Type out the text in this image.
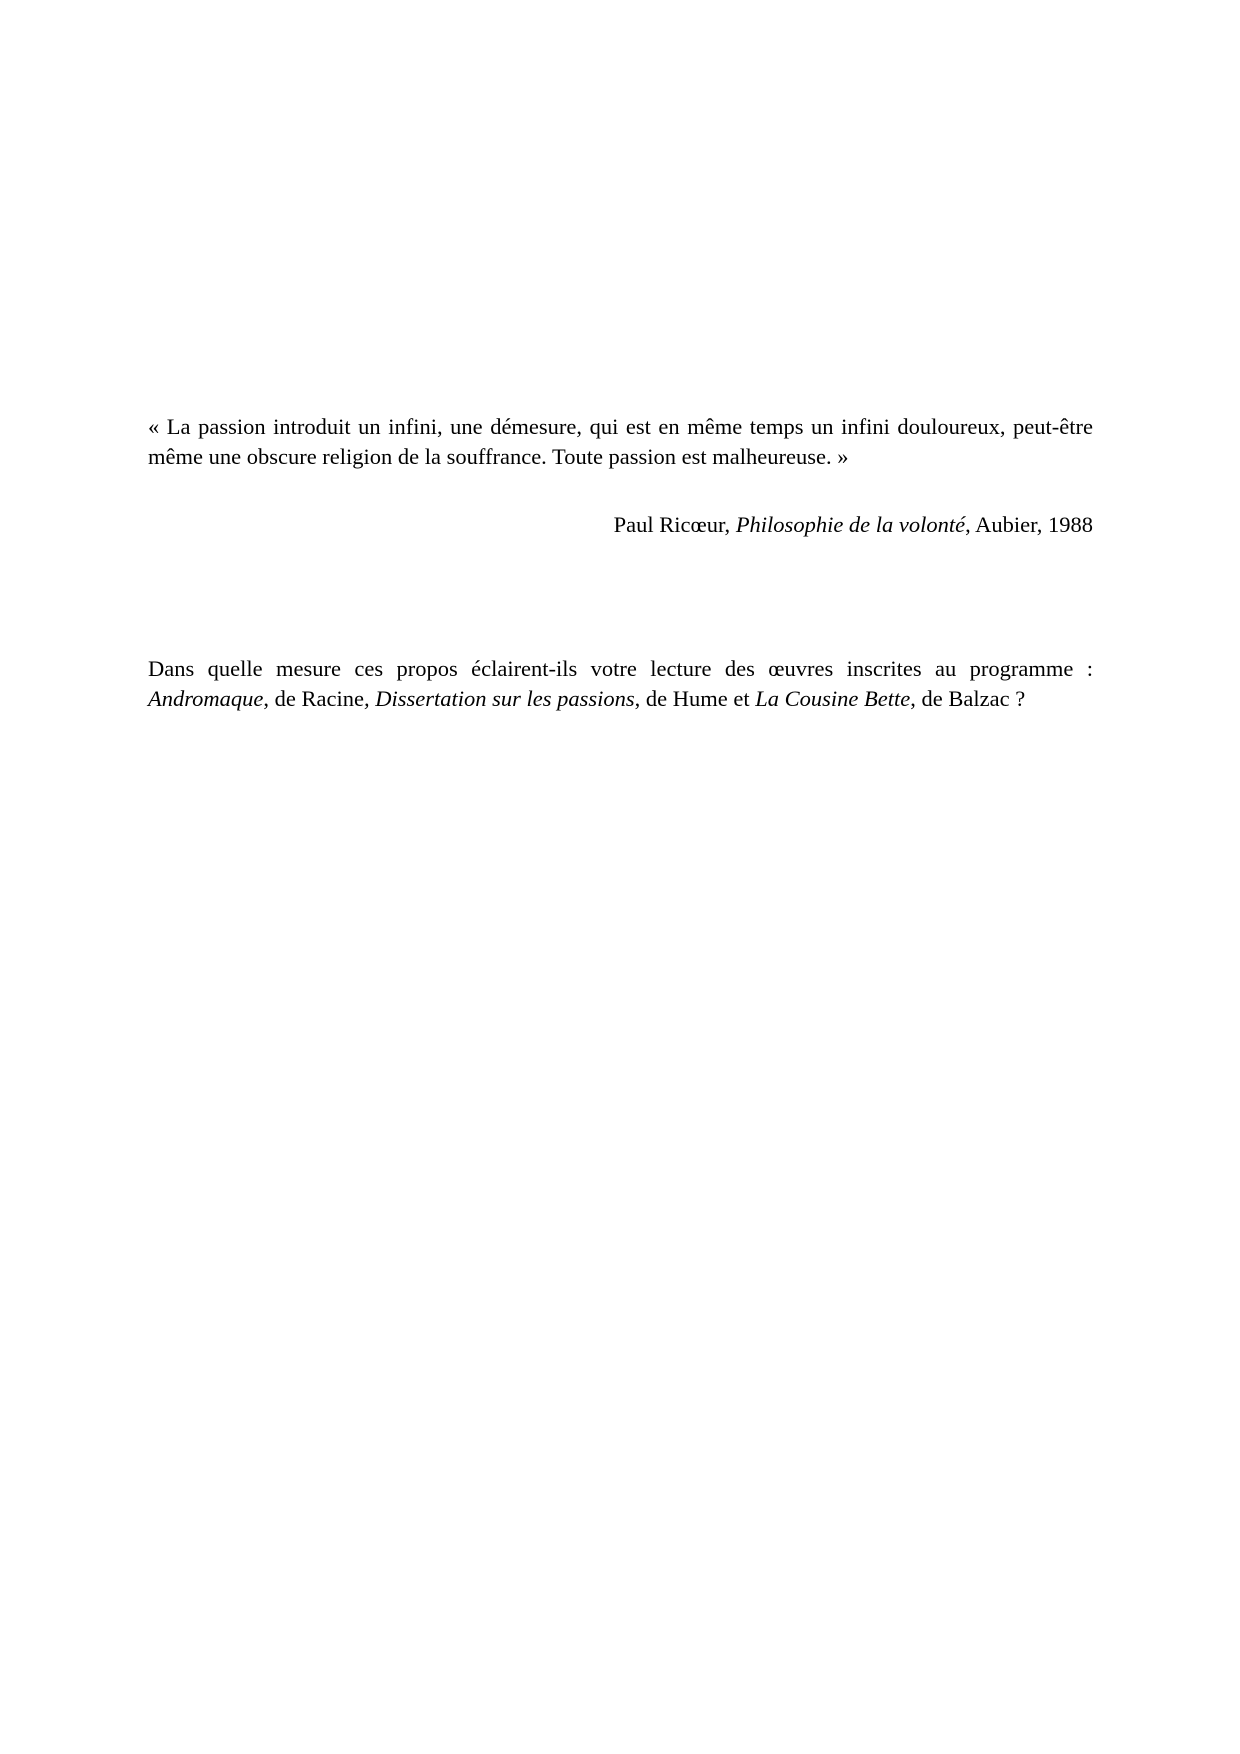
« La passion introduit un infini, une démesure, qui est en même temps un infini douloureux, peut-être même une obscure religion de la souffrance. Toute passion est malheureuse. »

Paul Ricœur, Philosophie de la volonté, Aubier, 1988

Dans quelle mesure ces propos éclairent-ils votre lecture des œuvres inscrites au programme : Andromaque, de Racine, Dissertation sur les passions, de Hume et La Cousine Bette, de Balzac ?
